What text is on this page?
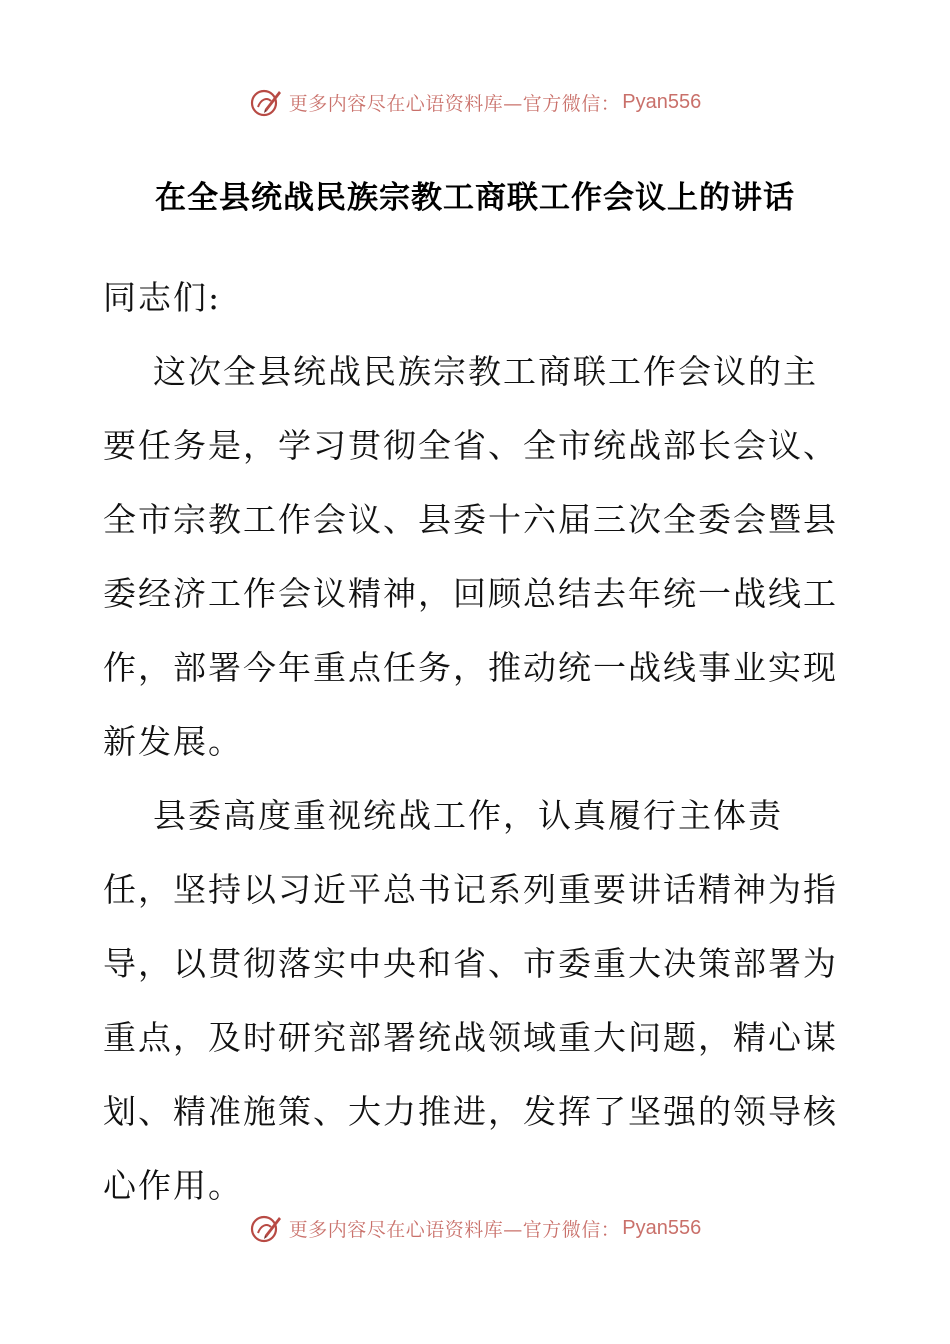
更多内容尽在心语资料库—官方微信： Pyan556
在全县统战民族宗教工商联工作会议上的讲话

同志们:

这次全县统战民族宗教工商联工作会议的主要任务是，学习贯彻全省、全市统战部长会议、全市宗教工作会议、县委十六届三次全委会暨县委经济工作会议精神，回顾总结去年统一战线工作，部署今年重点任务，推动统一战线事业实现新发展。

县委高度重视统战工作，认真履行主体责任，坚持以习近平总书记系列重要讲话精神为指导，以贯彻落实中央和省、市委重大决策部署为重点，及时研究部署统战领域重大问题，精心谋划、精准施策、大力推进，发挥了坚强的领导核心作用。

更多内容尽在心语资料库—官方微信： Pyan556
